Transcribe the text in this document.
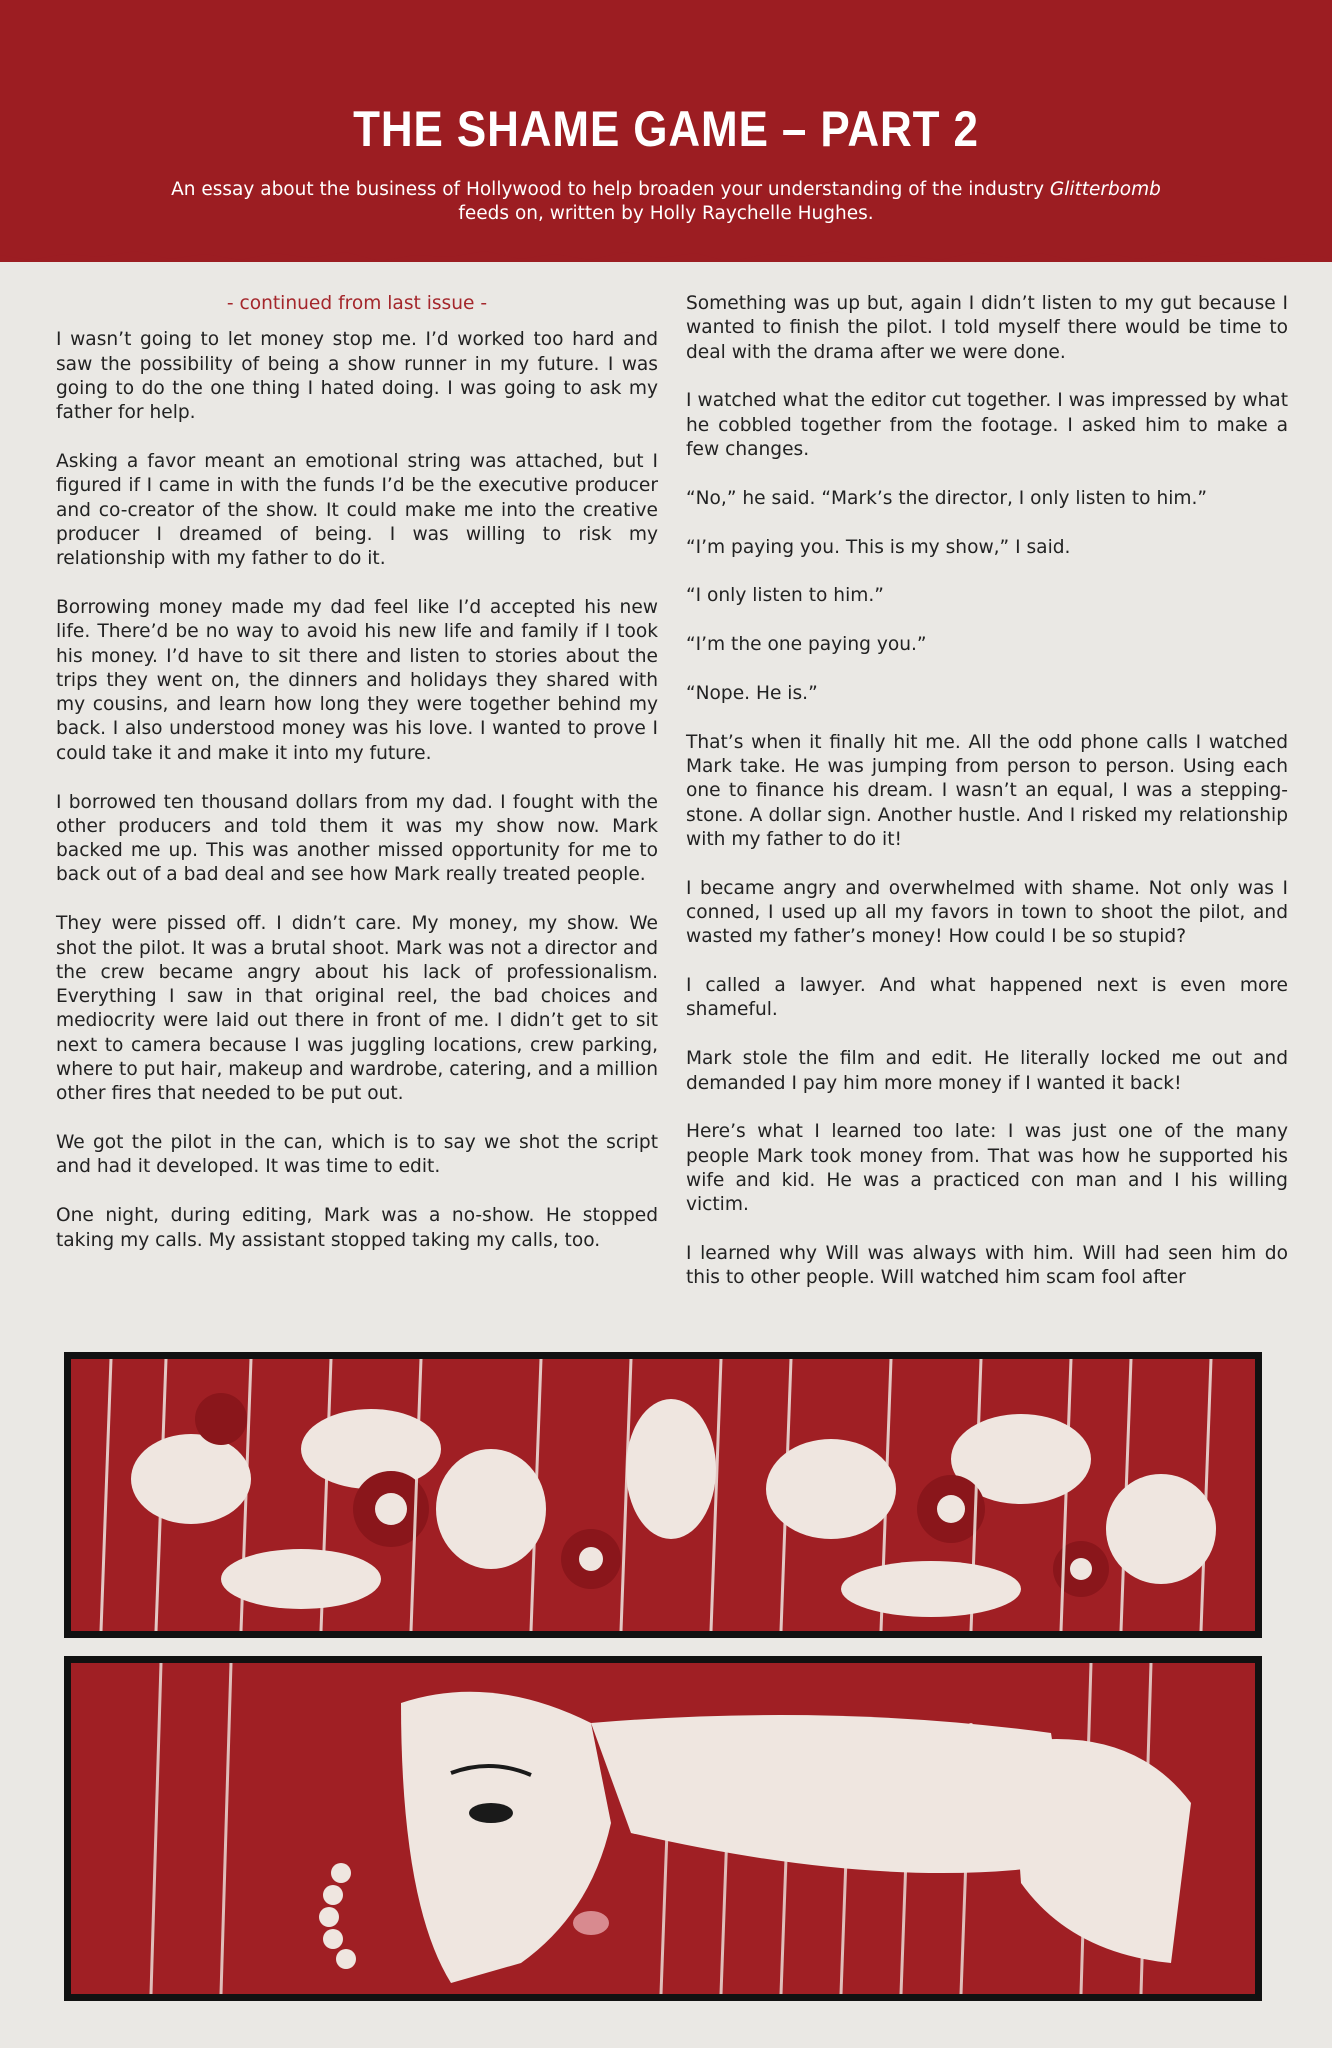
THE SHAME GAME – PART 2
An essay about the business of Hollywood to help broaden your understanding of the industry Glitterbomb feeds on, written by Holly Raychelle Hughes.

- continued from last issue -

I wasn’t going to let money stop me. I’d worked too hard and saw the possibility of being a show runner in my future. I was going to do the one thing I hated doing. I was going to ask my father for help.

Asking a favor meant an emotional string was attached, but I figured if I came in with the funds I’d be the executive producer and co-creator of the show. It could make me into the creative producer I dreamed of being. I was willing to risk my relationship with my father to do it.

Borrowing money made my dad feel like I’d accepted his new life. There’d be no way to avoid his new life and family if I took his money. I’d have to sit there and listen to stories about the trips they went on, the dinners and holidays they shared with my cousins, and learn how long they were together behind my back. I also understood money was his love. I wanted to prove I could take it and make it into my future.

I borrowed ten thousand dollars from my dad. I fought with the other producers and told them it was my show now. Mark backed me up. This was another missed opportunity for me to back out of a bad deal and see how Mark really treated people.

They were pissed off. I didn’t care. My money, my show. We shot the pilot. It was a brutal shoot. Mark was not a director and the crew became angry about his lack of professionalism. Everything I saw in that original reel, the bad choices and mediocrity were laid out there in front of me. I didn’t get to sit next to camera because I was juggling locations, crew parking, where to put hair, makeup and wardrobe, catering, and a million other fires that needed to be put out.

We got the pilot in the can, which is to say we shot the script and had it developed. It was time to edit.

One night, during editing, Mark was a no-show. He stopped taking my calls. My assistant stopped taking my calls, too.

Something was up but, again I didn’t listen to my gut because I wanted to finish the pilot. I told myself there would be time to deal with the drama after we were done.

I watched what the editor cut together. I was impressed by what he cobbled together from the footage. I asked him to make a few changes.

“No,” he said. “Mark’s the director, I only listen to him.”

“I’m paying you. This is my show,” I said.

“I only listen to him.”

“I’m the one paying you.”

“Nope. He is.”

That’s when it finally hit me. All the odd phone calls I watched Mark take. He was jumping from person to person. Using each one to finance his dream. I wasn’t an equal, I was a stepping-stone. A dollar sign. Another hustle. And I risked my relationship with my father to do it!

I became angry and overwhelmed with shame. Not only was I conned, I used up all my favors in town to shoot the pilot, and wasted my father’s money! How could I be so stupid?

I called a lawyer. And what happened next is even more shameful.

Mark stole the film and edit. He literally locked me out and demanded I pay him more money if I wanted it back!

Here’s what I learned too late: I was just one of the many people Mark took money from. That was how he supported his wife and kid. He was a practiced con man and I his willing victim.

I learned why Will was always with him. Will had seen him do this to other people. Will watched him scam fool after
